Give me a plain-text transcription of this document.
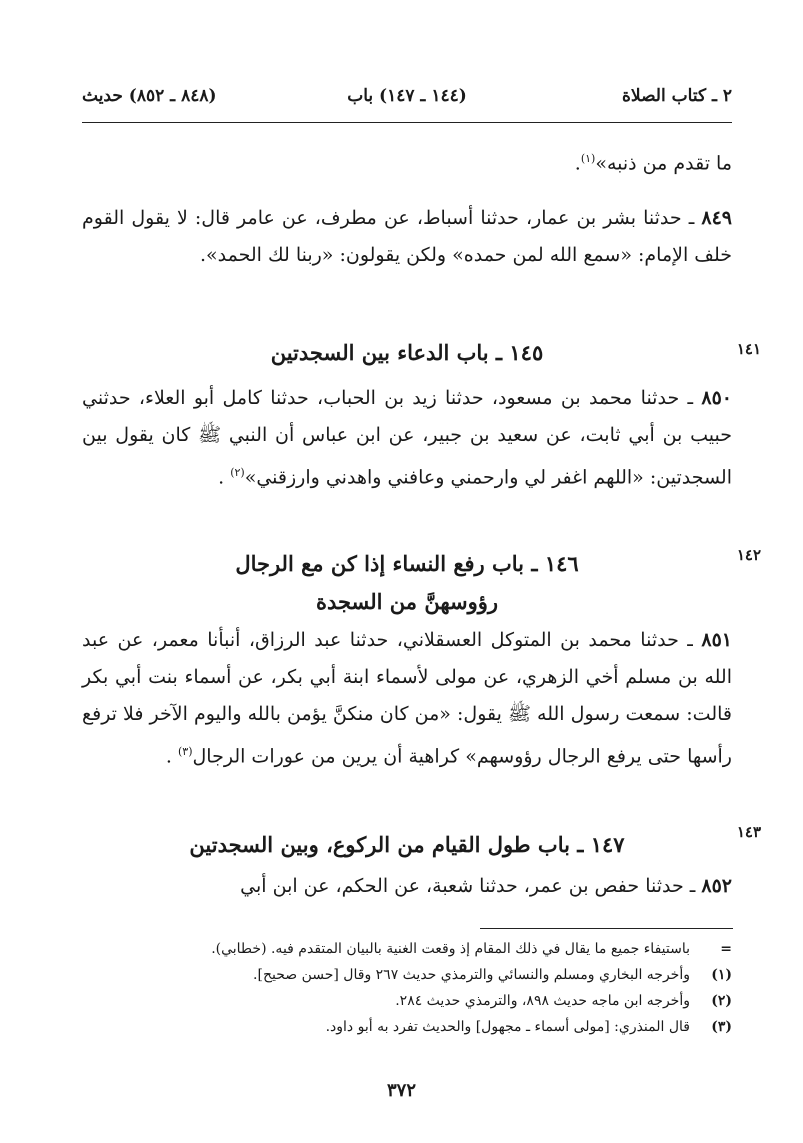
٢ ـ كتاب الصلاة
(١٤٤ ـ ١٤٧) باب
(٨٤٨ ـ ٨٥٢) حديث
ما تقدم من ذنبه»$^{(١)}$.
٨٤٩ ـ حدثنا بشر بن عمار، حدثنا أسباط، عن مطرف، عن عامر قال: لا يقول القوم خلف الإمام: «سمع الله لمن حمده» ولكن يقولون: «ربنا لك الحمد».
١٤١
١٤٥ ـ باب الدعاء بين السجدتين
٨٥٠ ـ حدثنا محمد بن مسعود، حدثنا زيد بن الحباب، حدثنا كامل أبو العلاء، حدثني حبيب بن أبي ثابت، عن سعيد بن جبير، عن ابن عباس أن النبي ﷺ كان يقول بين السجدتين: «اللهم اغفر لي وارحمني وعافني واهدني وارزقني»$^{(٢)}$ .
١٤٢
١٤٦ ـ باب رفع النساء إذا كن مع الرجال
رؤوسهنَّ من السجدة
٨٥١ ـ حدثنا محمد بن المتوكل العسقلاني، حدثنا عبد الرزاق، أنبأنا معمر، عن عبد الله بن مسلم أخي الزهري، عن مولى لأسماء ابنة أبي بكر، عن أسماء بنت أبي بكر قالت: سمعت رسول الله ﷺ يقول: «من كان منكنَّ يؤمن بالله واليوم الآخر فلا ترفع رأسها حتى يرفع الرجال رؤوسهم» كراهية أن يرين من عورات الرجال$^{(٣)}$ .
١٤٣
١٤٧ ـ باب طول القيام من الركوع، وبين السجدتين
٨٥٢ ـ حدثنا حفص بن عمر، حدثنا شعبة، عن الحكم، عن ابن أبي
=
باستيفاء جميع ما يقال في ذلك المقام إذ وقعت الغنية بالبيان المتقدم فيه. (خطابي).
(١)
وأخرجه البخاري ومسلم والنسائي والترمذي حديث ٢٦٧ وقال [حسن صحيح].
(٢)
وأخرجه ابن ماجه حديث ٨٩٨، والترمذي حديث ٢٨٤.
(٣)
قال المنذري: [مولى أسماء ـ مجهول] والحديث تفرد به أبو داود.
٣٧٢
